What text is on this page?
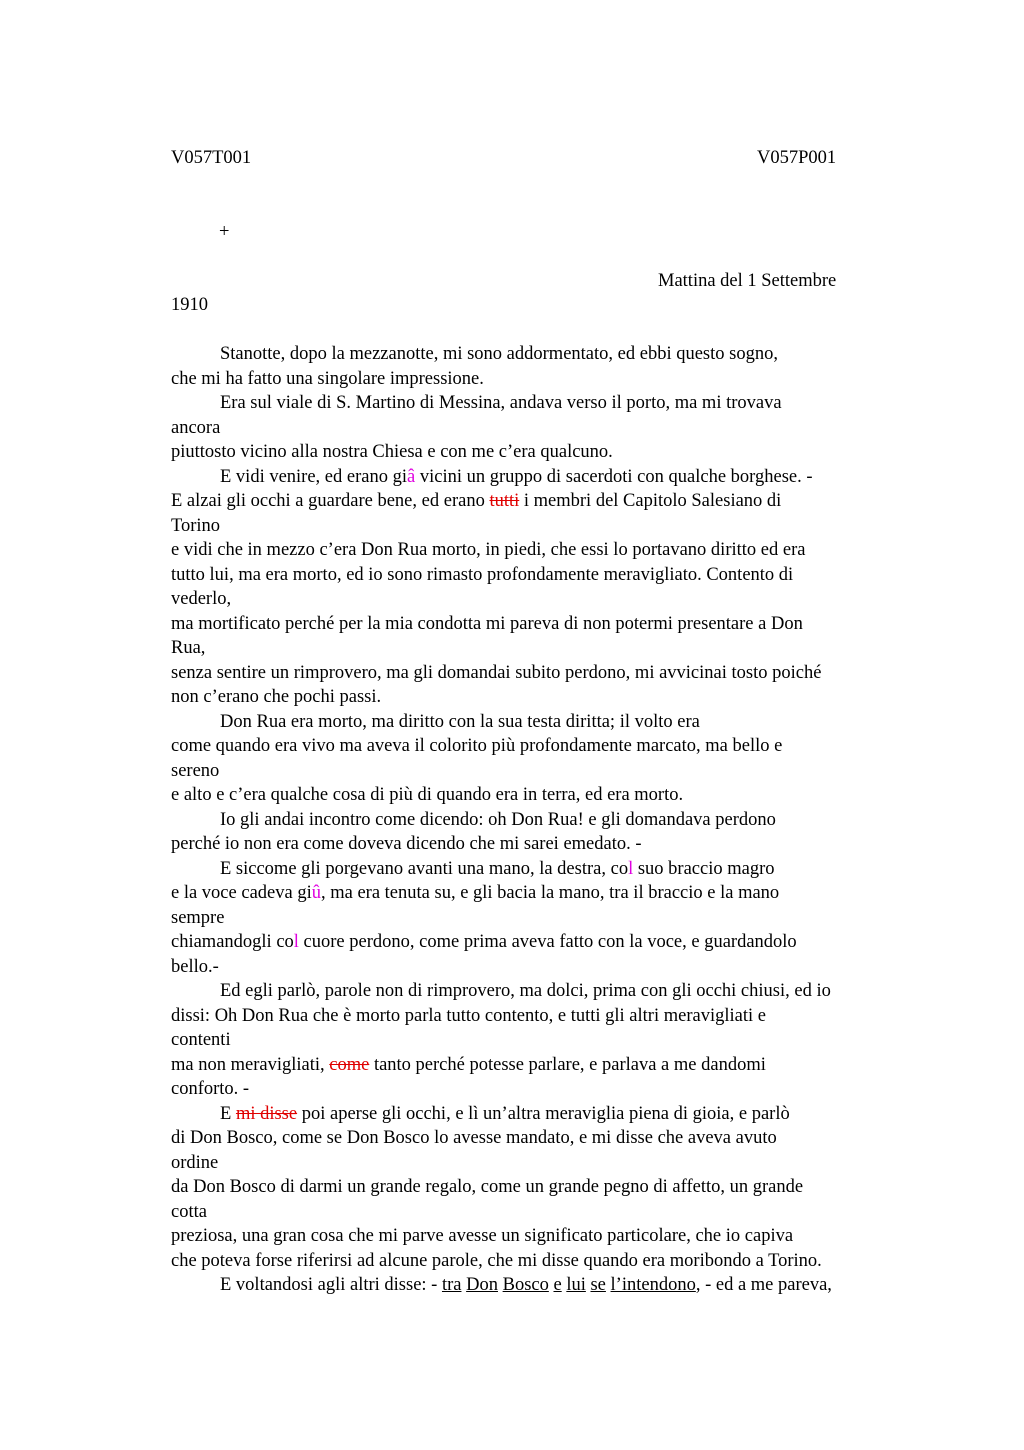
V057T001	V057P001
+
Mattina del 1 Settembre
1910
Stanotte, dopo la mezzanotte, mi sono addormentato, ed ebbi questo sogno,
che mi ha fatto una singolare impressione.
Era sul viale di S. Martino di Messina, andava verso il porto, ma mi trovava
ancora
piuttosto vicino alla nostra Chiesa e con me c’era qualcuno.
E vidi venire, ed erano giâ vicini un gruppo di sacerdoti con qualche borghese. -
E alzai gli occhi a guardare bene, ed erano tutti i membri del Capitolo Salesiano di
Torino
e vidi che in mezzo c’era Don Rua morto, in piedi, che essi lo portavano diritto ed era
tutto lui, ma era morto, ed io sono rimasto profondamente meravigliato. Contento di
vederlo,
ma mortificato perché per la mia condotta mi pareva di non potermi presentare a Don
Rua,
senza sentire un rimprovero, ma gli domandai subito perdono, mi avvicinai tosto poiché
non c’erano che pochi passi.
Don Rua era morto, ma diritto con la sua testa diritta; il volto era
come quando era vivo ma aveva il colorito più profondamente marcato, ma bello e
sereno
e alto e c’era qualche cosa di più di quando era in terra, ed era morto.
Io gli andai incontro come dicendo: oh Don Rua! e gli domandava perdono
perché io non era come doveva dicendo che mi sarei emedato. -
E siccome gli porgevano avanti una mano, la destra, col suo braccio magro
e la voce cadeva giû, ma era tenuta su, e gli bacia la mano, tra il braccio e la mano
sempre
chiamandogli col cuore perdono, come prima aveva fatto con la voce, e guardandolo
bello.-
Ed egli parlò, parole non di rimprovero, ma dolci, prima con gli occhi chiusi, ed io
dissi: Oh Don Rua che è morto parla tutto contento, e tutti gli altri meravigliati e
contenti
ma non meravigliati, come tanto perché potesse parlare, e parlava a me dandomi
conforto. -
E mi disse poi aperse gli occhi, e lì un’altra meraviglia piena di gioia, e parlò
di Don Bosco, come se Don Bosco lo avesse mandato, e mi disse che aveva avuto
ordine
da Don Bosco di darmi un grande regalo, come un grande pegno di affetto, un grande
cotta
preziosa, una gran cosa che mi parve avesse un significato particolare, che io capiva
che poteva forse riferirsi ad alcune parole, che mi disse quando era moribondo a Torino.
E voltandosi agli altri disse: - tra Don Bosco e lui se l’intendono, - ed a me pareva,
